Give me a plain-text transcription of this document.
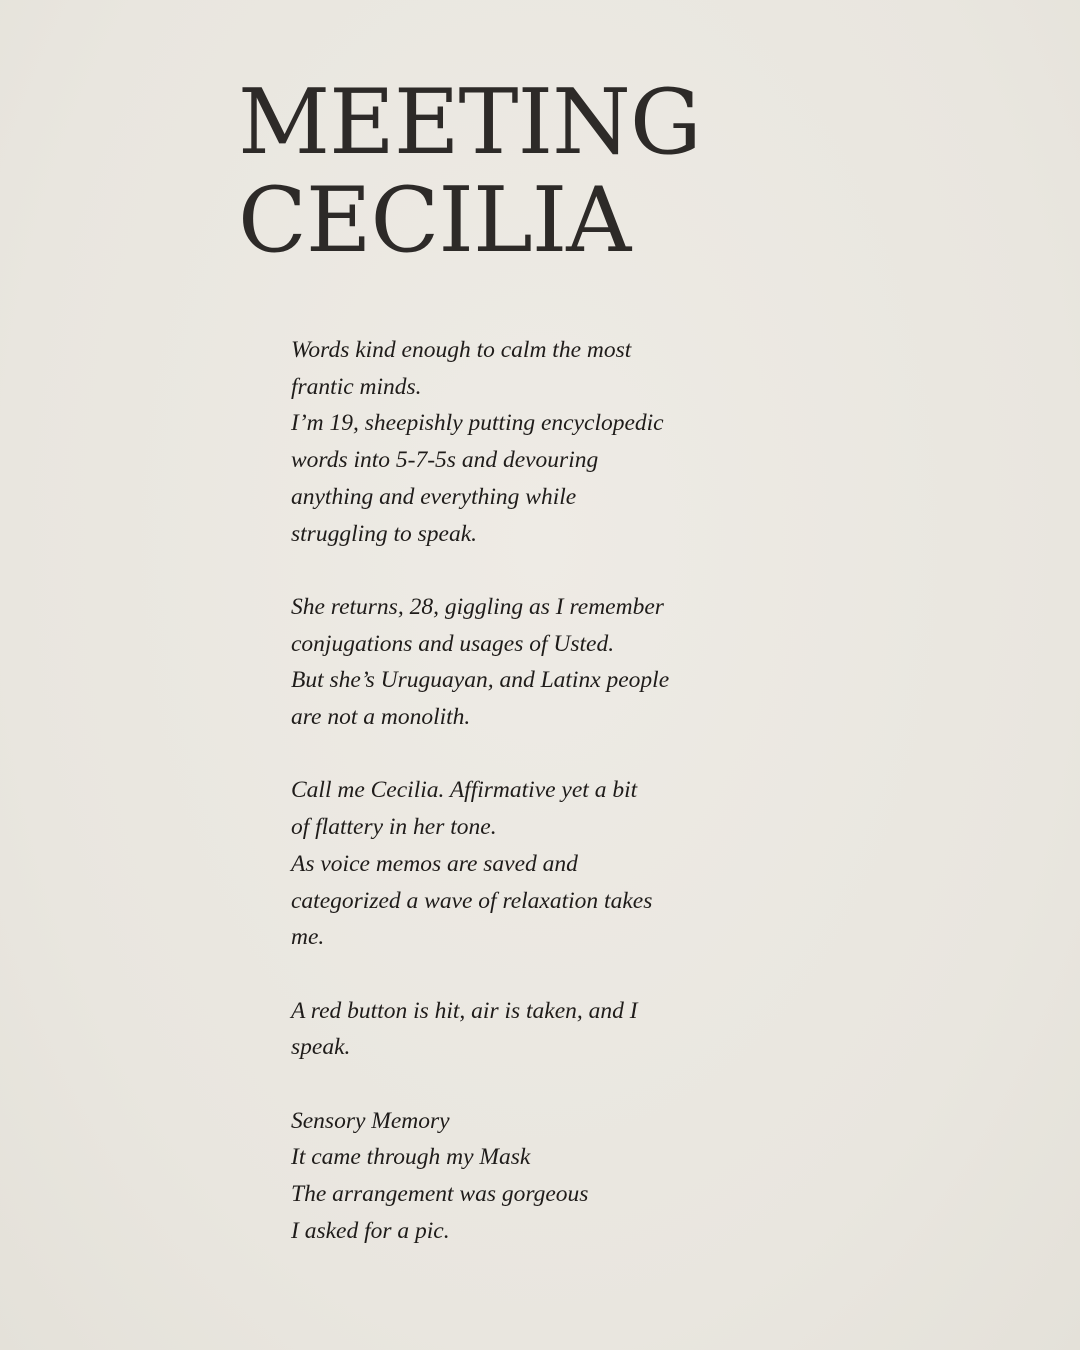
MEETING
CECILIA

Words kind enough to calm the most
frantic minds.
I’m 19, sheepishly putting encyclopedic
words into 5-7-5s and devouring
anything and everything while
struggling to speak.

She returns, 28, giggling as I remember
conjugations and usages of Usted.
But she’s Uruguayan, and Latinx people
are not a monolith.

Call me Cecilia. Affirmative yet a bit
of flattery in her tone.
As voice memos are saved and
categorized a wave of relaxation takes
me.

A red button is hit, air is taken, and I
speak.

Sensory Memory
It came through my Mask
The arrangement was gorgeous
I asked for a pic.
